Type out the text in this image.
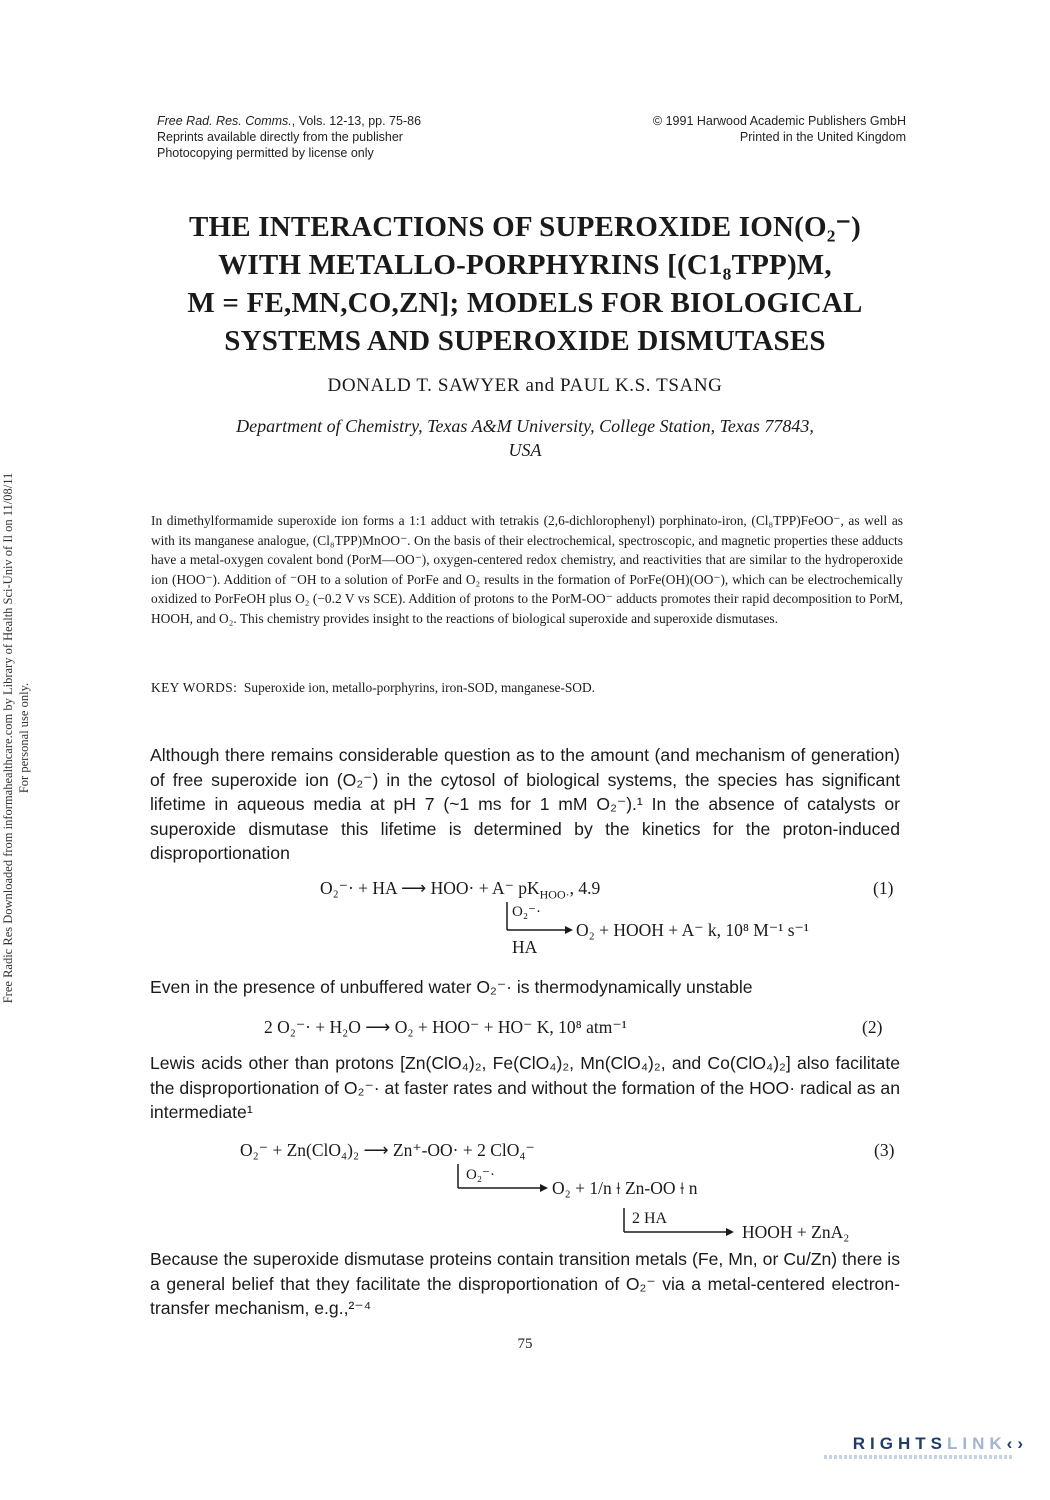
Free Rad. Res. Comms., Vols. 12-13, pp. 75-86
Reprints available directly from the publisher
Photocopying permitted by license only
© 1991 Harwood Academic Publishers GmbH
Printed in the United Kingdom
THE INTERACTIONS OF SUPEROXIDE ION(O₂⁻)
WITH METALLO-PORPHYRINS [(C1₈TPP)M,
M = FE,MN,CO,ZN]; MODELS FOR BIOLOGICAL
SYSTEMS AND SUPEROXIDE DISMUTASES
DONALD T. SAWYER and PAUL K.S. TSANG
Department of Chemistry, Texas A&M University, College Station, Texas 77843,
USA
In dimethylformamide superoxide ion forms a 1:1 adduct with tetrakis (2,6-dichlorophenyl) porphinato-iron, (Cl₈TPP)FeOO⁻, as well as with its manganese analogue, (Cl₈TPP)MnOO⁻. On the basis of their electrochemical, spectroscopic, and magnetic properties these adducts have a metal-oxygen covalent bond (PorM—OO⁻), oxygen-centered redox chemistry, and reactivities that are similar to the hydroperoxide ion (HOO⁻). Addition of ⁻OH to a solution of PorFe and O₂ results in the formation of PorFe(OH)(OO⁻), which can be electrochemically oxidized to PorFeOH plus O₂ (−0.2 V vs SCE). Addition of protons to the PorM-OO⁻ adducts promotes their rapid decomposition to PorM, HOOH, and O₂. This chemistry provides insight to the reactions of biological superoxide and superoxide dismutases.
KEY WORDS: Superoxide ion, metallo-porphyrins, iron-SOD, manganese-SOD.
Although there remains considerable question as to the amount (and mechanism of generation) of free superoxide ion (O₂⁻) in the cytosol of biological systems, the species has significant lifetime in aqueous media at pH 7 (~1 ms for 1 mM O₂⁻).¹ In the absence of catalysts or superoxide dismutase this lifetime is determined by the kinetics for the proton-induced disproportionation
O₂⁻· + HA ⟶ HOO· + A⁻ $pK_{HOO\cdot}$, 4.9	(1)
O₂⁻·
O₂ + HOOH + A⁻ k, 10⁸ M⁻¹ s⁻¹
HA
Even in the presence of unbuffered water O₂⁻· is thermodynamically unstable
2 O₂⁻· + H₂O ⟶ O₂ + HOO⁻ + HO⁻ K, 10⁸ atm⁻¹	(2)
Lewis acids other than protons [Zn(ClO₄)₂, Fe(ClO₄)₂, Mn(ClO₄)₂, and Co(ClO₄)₂] also facilitate the disproportionation of O₂⁻· at faster rates and without the formation of the HOO· radical as an intermediate¹
O₂⁻ + Zn(ClO₄)₂ ⟶ Zn⁺-OO· + 2 ClO₄⁻	(3)
O₂⁻·
O₂ + 1/n ⟊ Zn-OO ⟊ n
2 HA
HOOH + ZnA₂
Because the superoxide dismutase proteins contain transition metals (Fe, Mn, or Cu/Zn) there is a general belief that they facilitate the disproportionation of O₂⁻ via a metal-centered electron-transfer mechanism, e.g.,²⁻⁴
75
Free Radic Res Downloaded from informahealthcare.com by Library of Health Sci-Univ of Il on 11/08/11 For personal use only.
RIGHTSLINK‹›
